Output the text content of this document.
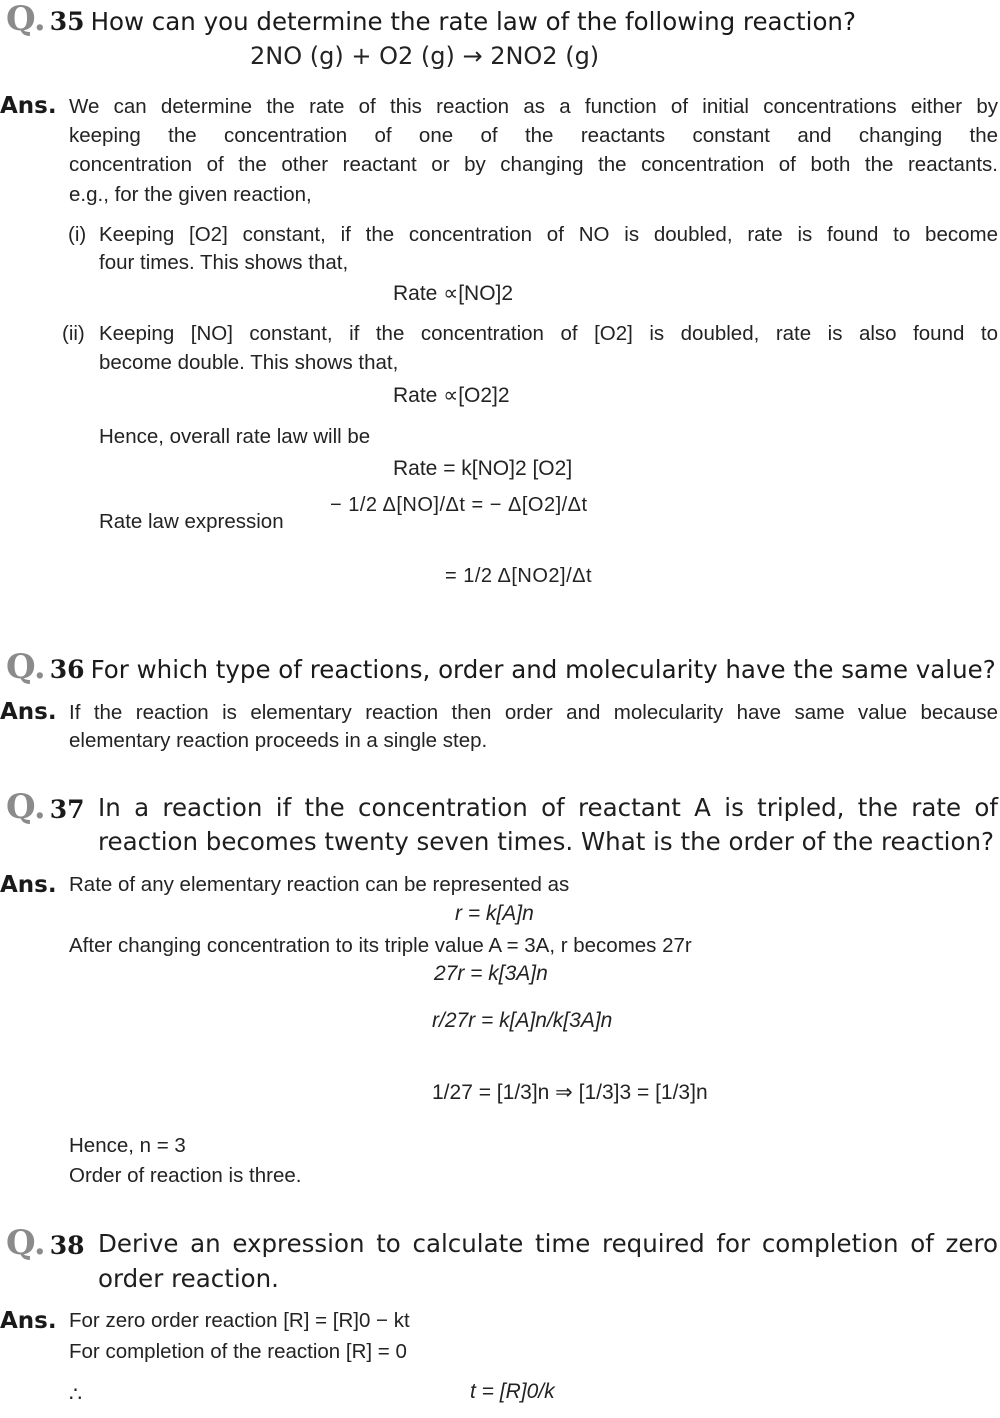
Q. 35 How can you determine the rate law of the following reaction?
2NO (g) + O2 (g) → 2NO2 (g)
Ans. We can determine the rate of this reaction as a function of initial concentrations either by
keeping the concentration of one of the reactants constant and changing the
concentration of the other reactant or by changing the concentration of both the reactants.
e.g., for the given reaction,
(i) Keeping [O2] constant, if the concentration of NO is doubled, rate is found to become
four times. This shows that,
Rate ∝[NO]2
(ii) Keeping [NO] constant, if the concentration of [O2] is doubled, rate is also found to
become double. This shows that,
Rate ∝[O2]2
Hence, overall rate law will be
Rate = k[NO]2 [O2]
Rate law expression
− 1/2 Δ[NO]/Δt = − Δ[O2]/Δt
= 1/2 Δ[NO2]/Δt
Q. 36 For which type of reactions, order and molecularity have the same value?
Ans. If the reaction is elementary reaction then order and molecularity have same value because
elementary reaction proceeds in a single step.
Q. 37 In a reaction if the concentration of reactant A is tripled, the rate of
reaction becomes twenty seven times. What is the order of the reaction?
Ans. Rate of any elementary reaction can be represented as
r = k[A]n
After changing concentration to its triple value A = 3A, r becomes 27r
27r = k[3A]n
r/27r = k[A]n/k[3A]n
1/27 = [1/3]n ⇒ [1/3]3 = [1/3]n
Hence, n = 3
Order of reaction is three.
Q. 38 Derive an expression to calculate time required for completion of zero
order reaction.
Ans. For zero order reaction [R] = [R]0 − kt
For completion of the reaction [R] = 0
∴	t = [R]0/k
